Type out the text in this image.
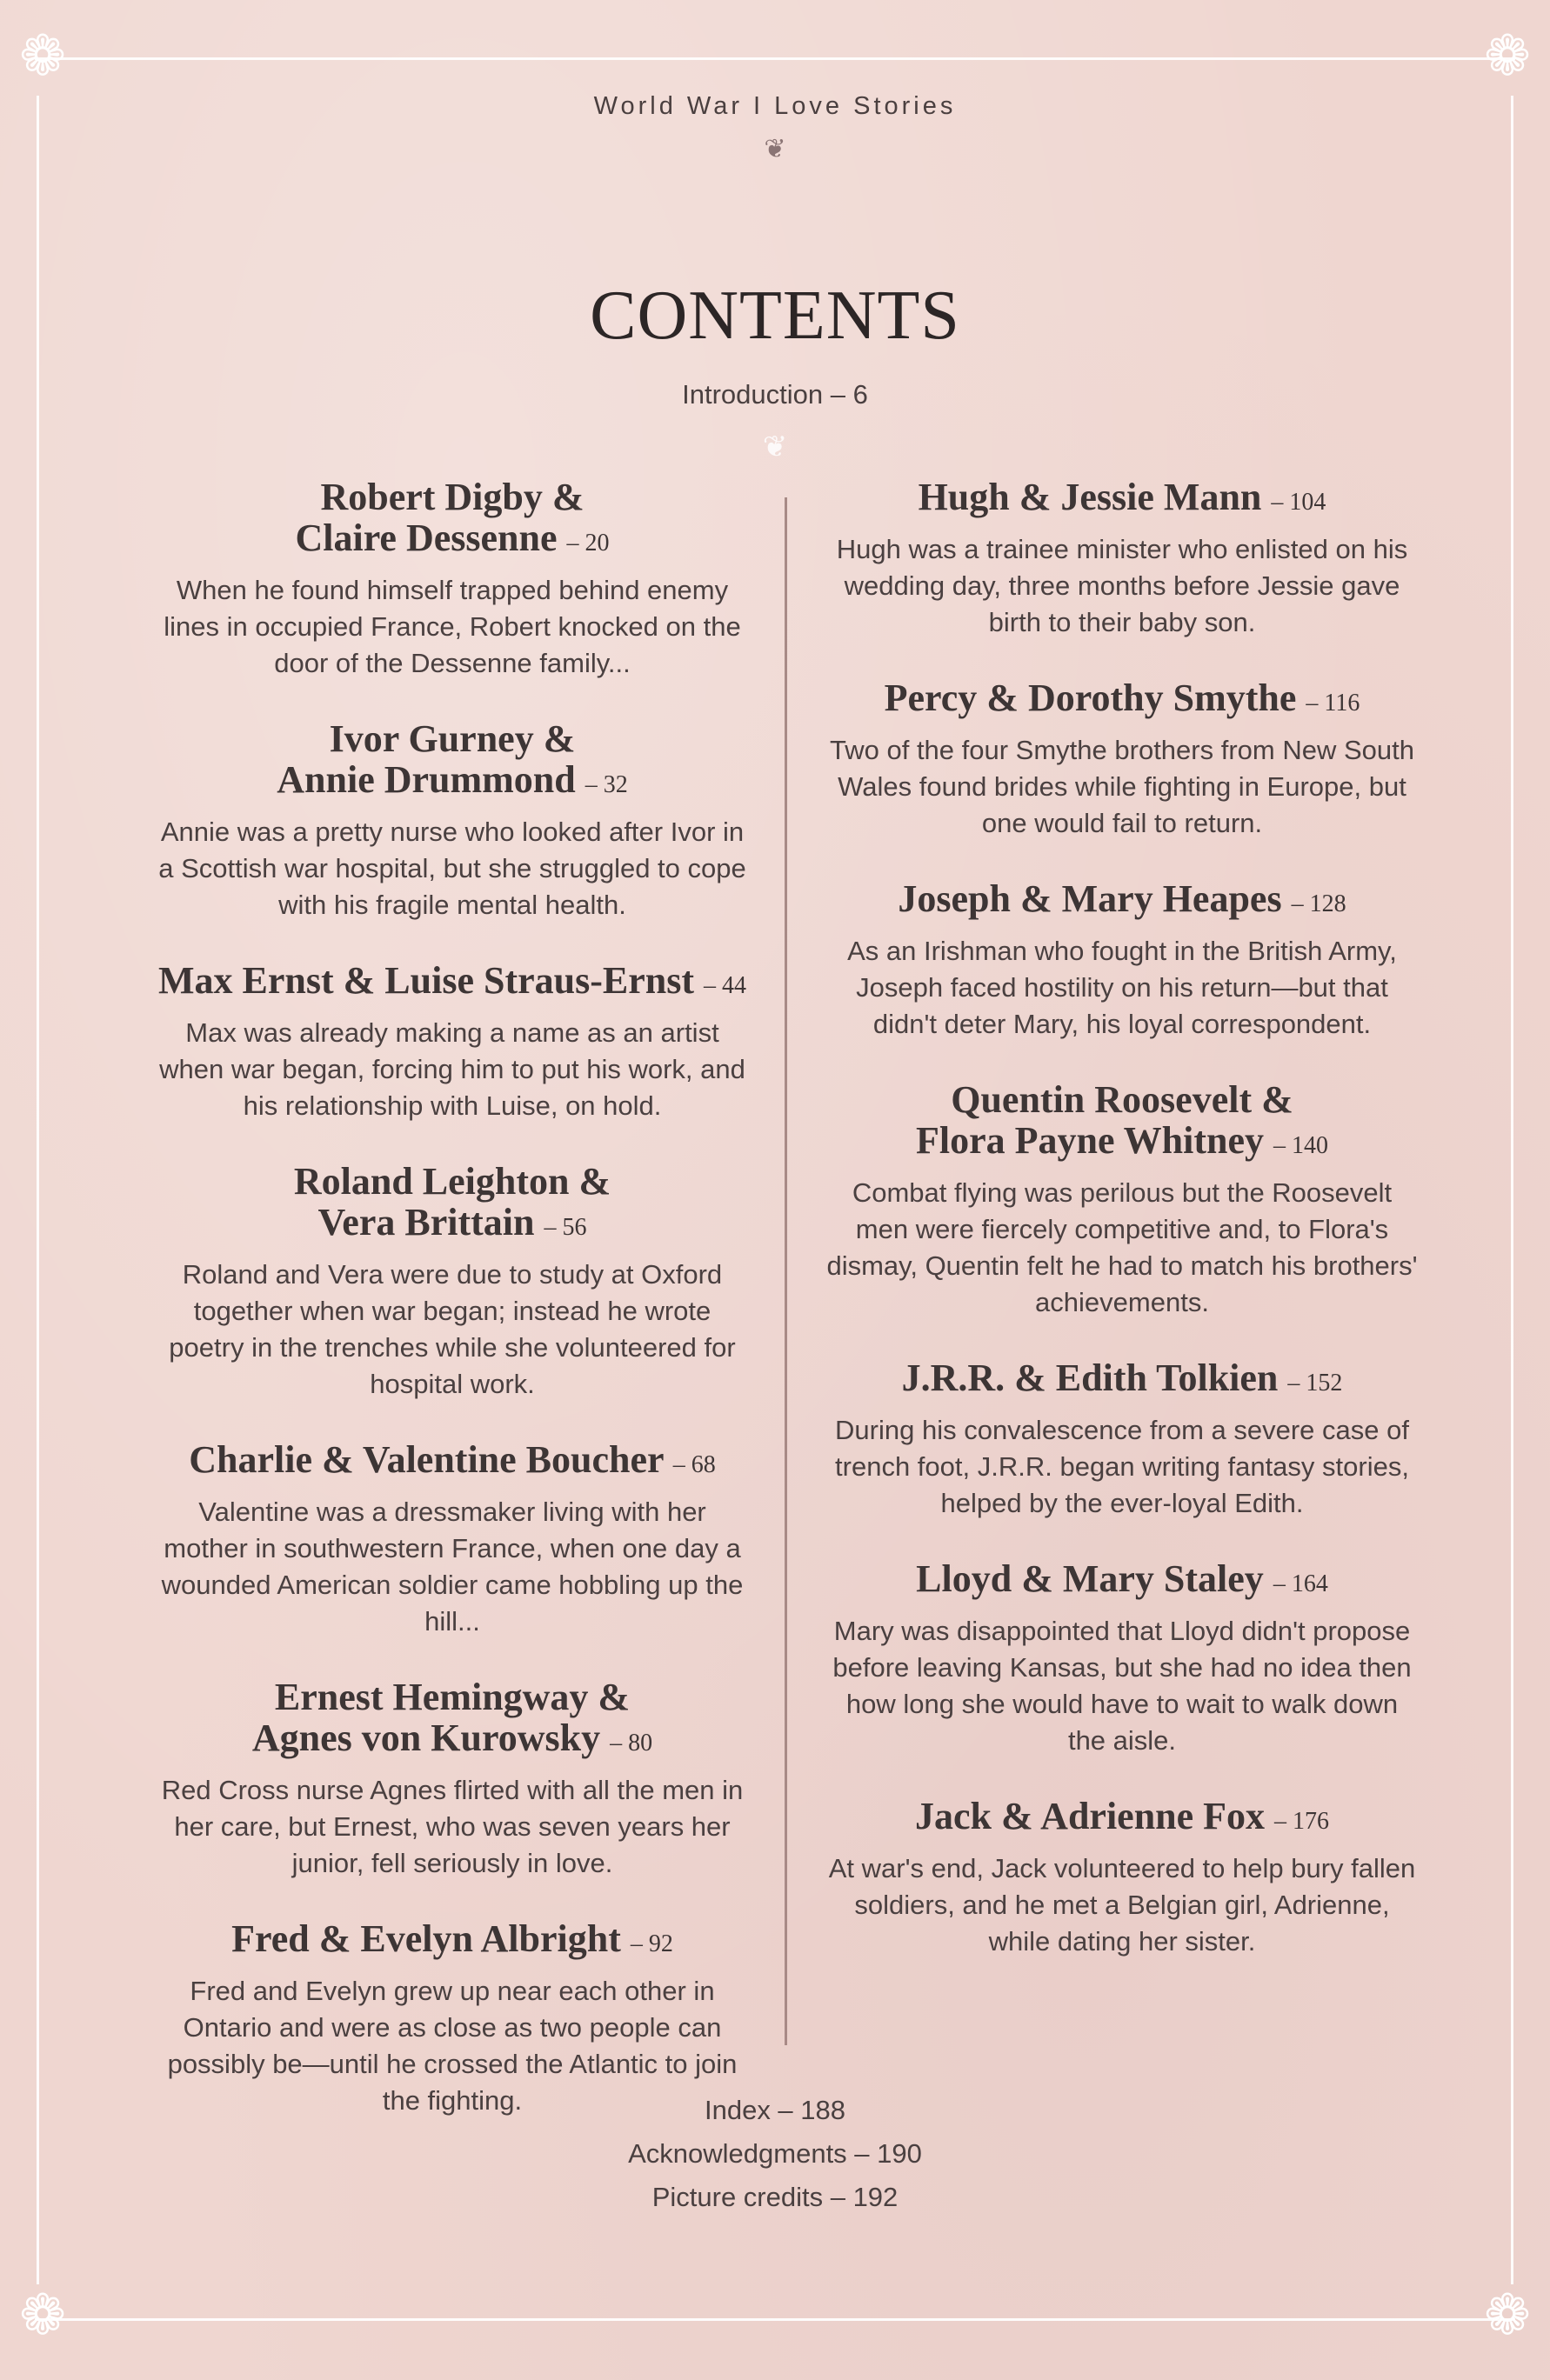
❁	❁
❁	❁
World War I Love Stories
❦
CONTENTS
Introduction – 6
❦
Robert Digby &
Claire Dessenne – 20
When he found himself trapped behind enemy lines in occupied France, Robert knocked on the door of the Dessenne family...
Ivor Gurney &
Annie Drummond – 32
Annie was a pretty nurse who looked after Ivor in a Scottish war hospital, but she struggled to cope with his fragile mental health.
Max Ernst & Luise Straus-Ernst – 44
Max was already making a name as an artist when war began, forcing him to put his work, and his relationship with Luise, on hold.
Roland Leighton &
Vera Brittain – 56
Roland and Vera were due to study at Oxford together when war began; instead he wrote poetry in the trenches while she volunteered for hospital work.
Charlie & Valentine Boucher – 68
Valentine was a dressmaker living with her mother in southwestern France, when one day a wounded American soldier came hobbling up the hill...
Ernest Hemingway &
Agnes von Kurowsky – 80
Red Cross nurse Agnes flirted with all the men in her care, but Ernest, who was seven years her junior, fell seriously in love.
Fred & Evelyn Albright – 92
Fred and Evelyn grew up near each other in Ontario and were as close as two people can possibly be—until he crossed the Atlantic to join the fighting.
Hugh & Jessie Mann – 104
Hugh was a trainee minister who enlisted on his wedding day, three months before Jessie gave birth to their baby son.
Percy & Dorothy Smythe – 116
Two of the four Smythe brothers from New South Wales found brides while fighting in Europe, but one would fail to return.
Joseph & Mary Heapes – 128
As an Irishman who fought in the British Army, Joseph faced hostility on his return—but that didn't deter Mary, his loyal correspondent.
Quentin Roosevelt &
Flora Payne Whitney – 140
Combat flying was perilous but the Roosevelt men were fiercely competitive and, to Flora's dismay, Quentin felt he had to match his brothers' achievements.
J.R.R. & Edith Tolkien – 152
During his convalescence from a severe case of trench foot, J.R.R. began writing fantasy stories, helped by the ever-loyal Edith.
Lloyd & Mary Staley – 164
Mary was disappointed that Lloyd didn't propose before leaving Kansas, but she had no idea then how long she would have to wait to walk down the aisle.
Jack & Adrienne Fox – 176
At war's end, Jack volunteered to help bury fallen soldiers, and he met a Belgian girl, Adrienne, while dating her sister.
Index – 188
Acknowledgments – 190
Picture credits – 192
